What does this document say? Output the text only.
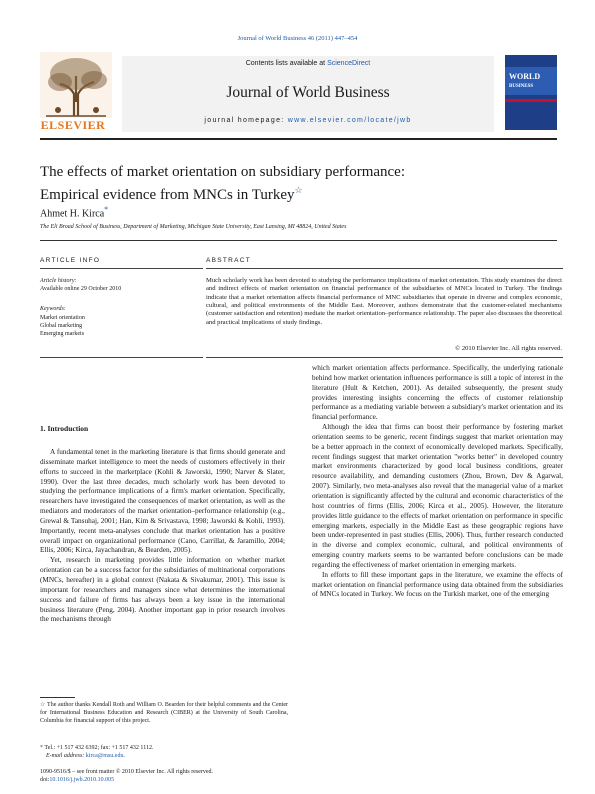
Journal of World Business 46 (2011) 447–454
ELSEVIER
Contents lists available at ScienceDirect
Journal of World Business
journal homepage: www.elsevier.com/locate/jwb
WORLD
BUSINESS
The effects of market orientation on subsidiary performance:
Empirical evidence from MNCs in Turkey☆
Ahmet H. Kirca*
The Eli Broad School of Business, Department of Marketing, Michigan State University, East Lansing, MI 48824, United States
ARTICLE INFO
Article history:
Available online 29 October 2010
Keywords:
Market orientation
Global marketing
Emerging markets
ABSTRACT
Much scholarly work has been devoted to studying the performance implications of market orientation. This study examines the direct and indirect effects of market orientation on financial performance of the subsidiaries of MNCs located in Turkey. The findings indicate that a market orientation affects financial performance of MNC subsidiaries that operate in diverse and complex economic, cultural, and political environments of the Middle East. Moreover, authors demonstrate that the customer-related mechanisms (customer satisfaction and retention) mediate the market orientation–performance relationship. The paper also discusses the theoretical and practical implications of study findings.
© 2010 Elsevier Inc. All rights reserved.
1. Introduction

A fundamental tenet in the marketing literature is that firms should generate and disseminate market intelligence to meet the needs of customers effectively in their efforts to succeed in the marketplace (Kohli & Jaworski, 1990; Narver & Slater, 1990). Over the last three decades, much scholarly work has been devoted to studying the performance implications of a firm's market orientation. Specifically, researchers have investigated the consequences of market orientation, as well as the mediators and moderators of the market orientation–performance relationship (e.g., Grewal & Tansuhaj, 2001; Han, Kim & Srivastava, 1998; Jaworski & Kohli, 1993). Importantly, recent meta-analyses conclude that market orientation has a positive overall impact on organizational performance (Cano, Carrillat, & Jaramillo, 2004; Ellis, 2006; Kirca, Jayachandran, & Bearden, 2005).

Yet, research in marketing provides little information on whether market orientation can be a success factor for the subsidiaries of multinational corporations (MNCs, hereafter) in a global context (Nakata & Sivakumar, 2001). This issue is important for researchers and managers since what determines the international success and failure of firms has always been a key issue in the international business literature (Peng, 2004). Another important gap in prior research involves the mechanisms through

which market orientation affects performance. Specifically, the underlying rationale behind how market orientation influences performance is still a topic of interest in the literature (Hult & Ketchen, 2001). As detailed subsequently, the present study provides interesting insights concerning the effects of customer relationship performance as a mediating variable between a subsidiary's market orientation and its financial performance.

Although the idea that firms can boost their performance by fostering market orientation seems to be generic, recent findings suggest that market orientation may be a better approach in the context of economically developed markets. Specifically, recent findings suggest that market orientation "works better" in developed country market environments characterized by good local business conditions, greater resource availability, and demanding customers (Zhou, Brown, Dev & Agarwal, 2007). Similarly, two meta-analyses also reveal that the managerial value of a market orientation is significantly affected by the cultural and economic characteristics of the host countries of firms (Ellis, 2006; Kirca et al., 2005). However, the literature provides little guidance to the effects of market orientation on performance in specific emerging markets, especially in the Middle East as these geographic regions have been under-represented in past studies (Ellis, 2006). Thus, further research conducted in the diverse and complex economic, cultural, and political environments of emerging country markets seems to be warranted before conclusions can be made regarding the effectiveness of market orientation in emerging markets.

In efforts to fill these important gaps in the literature, we examine the effects of market orientation on financial performance using data obtained from the subsidiaries of MNCs located in Turkey. We focus on the Turkish market, one of the emerging

☆ The author thanks Kendall Roth and William O. Bearden for their helpful comments and the Center for International Business Education and Research (CIBER) at the University of South Carolina, Columbia for financial support of this project.
* Tel.: +1 517 432 6392; fax: +1 517 432 1112.
E-mail address: kirca@msu.edu.
1090-9516/$ – see front matter © 2010 Elsevier Inc. All rights reserved.
doi:10.1016/j.jwb.2010.10.005
